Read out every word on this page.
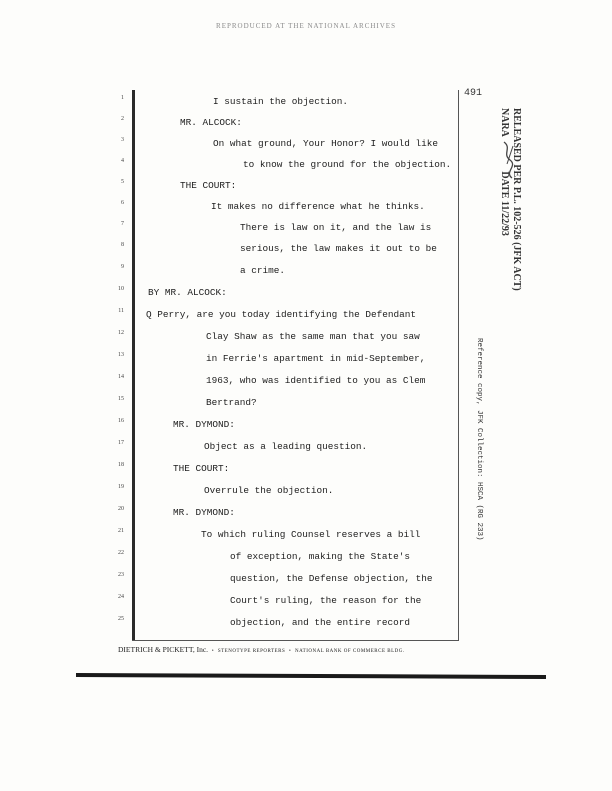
REPRODUCED AT THE NATIONAL ARCHIVES
491
1
2
3
4
5
6
7
8
9
10
11
12
13
14
15
16
17
18
19
20
21
22
23
24
25
I sustain the objection.
MR. ALCOCK:
On what ground, Your Honor? I would like
to know the ground for the objection.
THE COURT:
It makes no difference what he thinks.
There is law on it, and the law is
serious, the law makes it out to be
a crime.
BY MR. ALCOCK:
Q Perry, are you today identifying the Defendant
Clay Shaw as the same man that you saw
in Ferrie's apartment in mid-September,
1963, who was identified to you as Clem
Bertrand?
MR. DYMOND:
Object as a leading question.
THE COURT:
Overrule the objection.
MR. DYMOND:
To which ruling Counsel reserves a bill
of exception, making the State's
question, the Defense objection, the
Court's ruling, the reason for the
objection, and the entire record
DIETRICH & PICKETT, Inc. • STENOTYPE REPORTERS • NATIONAL BANK OF COMMERCE BLDG.
RELEASED PER P.L. 102-526 (JFK ACT)
NARA              DATE 11/22/93
Reference copy, JFK Collection: HSCA (RG 233)
